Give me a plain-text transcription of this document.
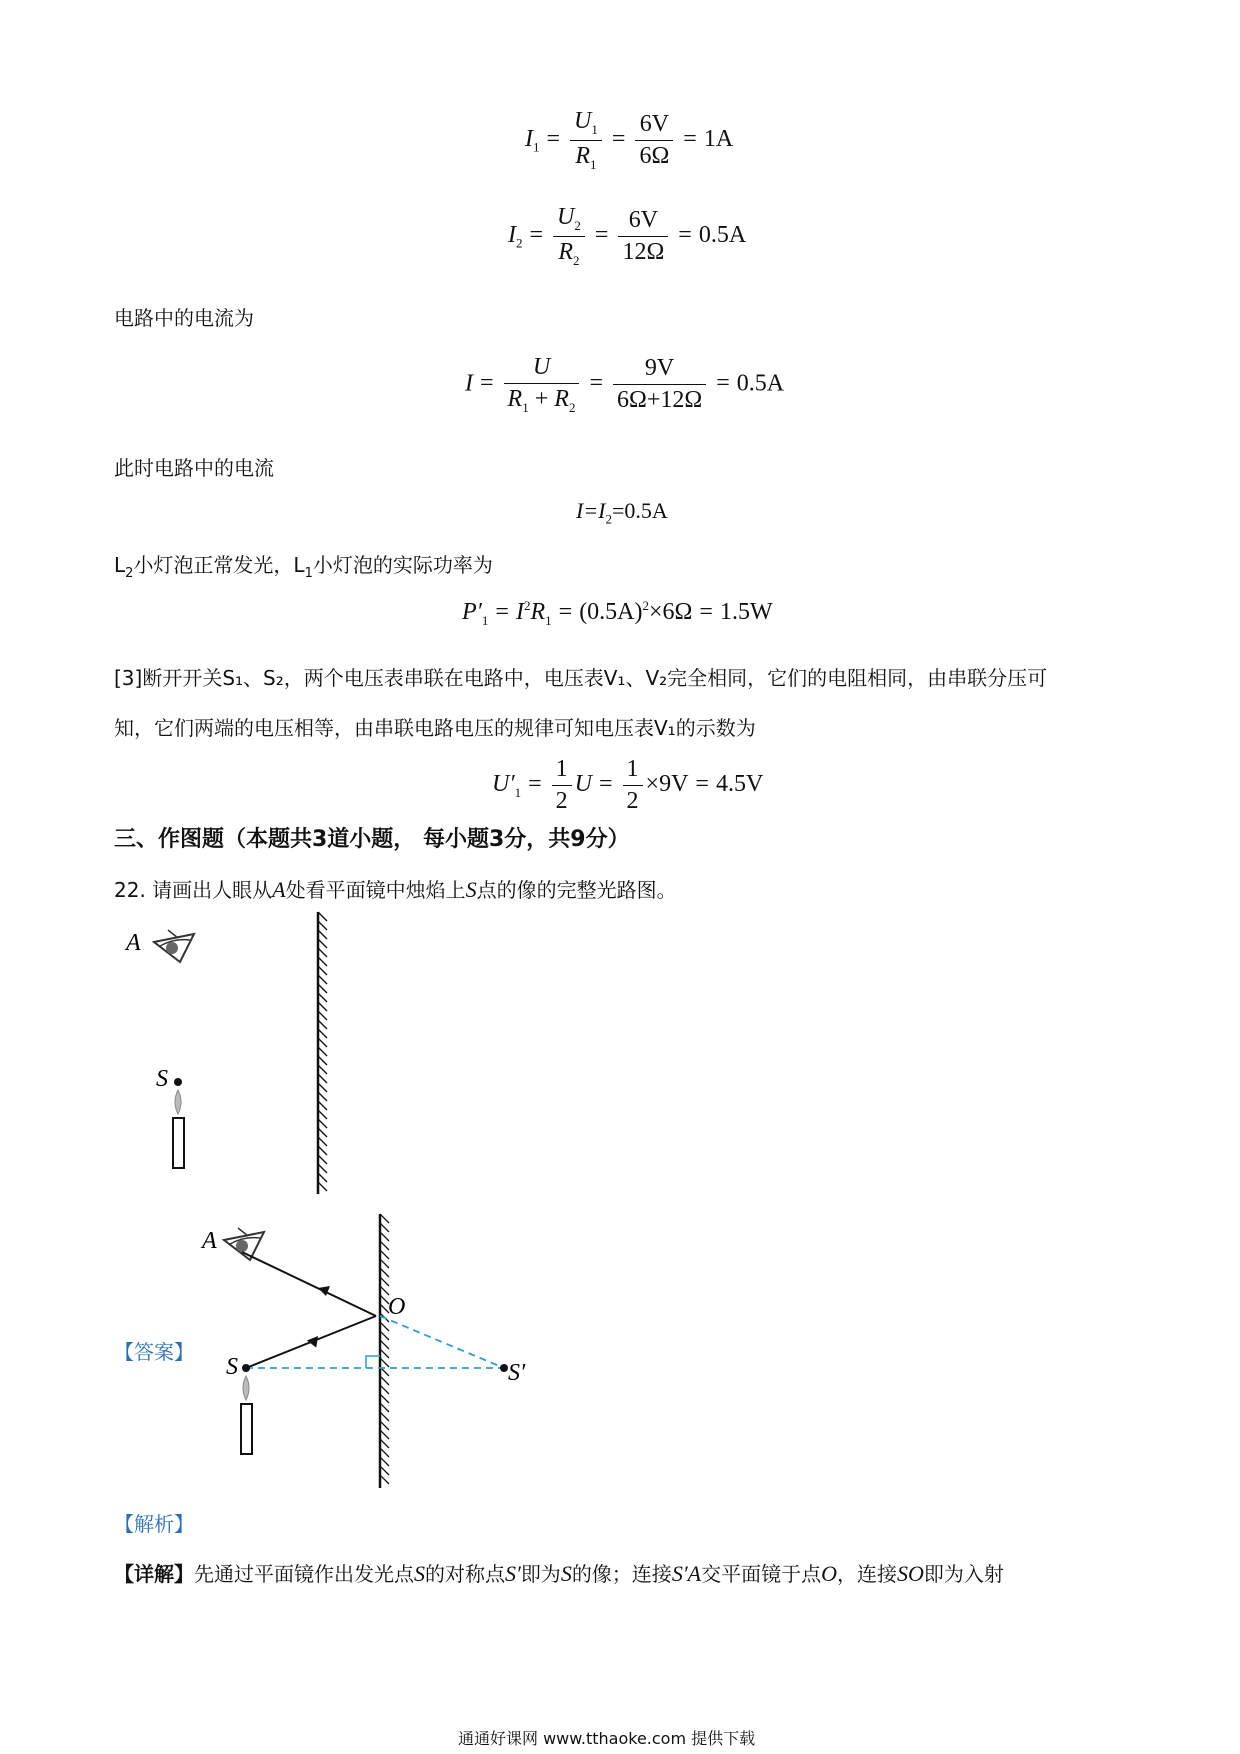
$I_1 = \frac{U_1}{R_1} = \frac{6V}{6\Omega} = 1A$
$I_2 = \frac{U_2}{R_2} = \frac{6V}{12\Omega} = 0.5A$
电路中的电流为
$I = \frac{U}{R_1 + R_2} = \frac{9V}{6\Omega+12\Omega} = 0.5A$
此时电路中的电流
$I=I_2=0.5A$
$L_2$小灯泡正常发光，$L_1$小灯泡的实际功率为
$P'_1 = I^2R_1 = (0.5A)^2\times 6\Omega = 1.5W$
[3]断开开关S₁、S₂，两个电压表串联在电路中，电压表V₁、V₂完全相同，它们的电阻相同，由串联分压可
知，它们两端的电压相等，由串联电路电压的规律可知电压表V₁的示数为
$U'_1 = \frac{1}{2}$ $U = \frac{1}{2} \times 9V = 4.5V$
三、作图题（本题共3道小题， 每小题3分，共9分）
22. 请画出人眼从A处看平面镜中烛焰上S点的像的完整光路图。
A
S
A
O
S	S′
【答案】
【解析】
【详解】先通过平面镜作出发光点S的对称点S′即为S的像；连接S′A交平面镜于点O，连接SO即为入射
通通好课网 www.tthaoke.com 提供下载
